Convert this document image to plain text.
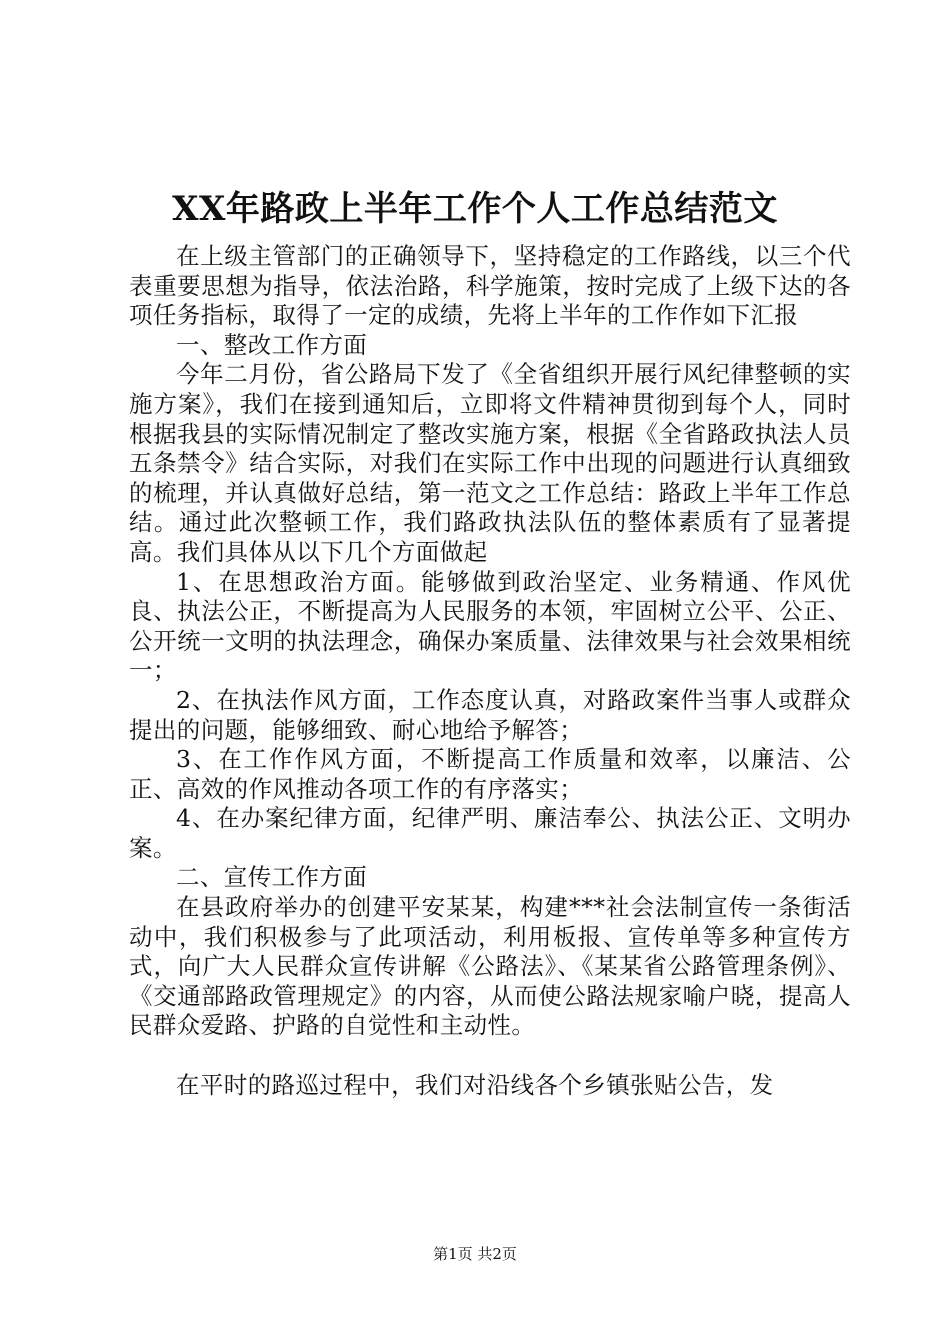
XX年路政上半年工作个人工作总结范文

在上级主管部门的正确领导下，坚持稳定的工作路线，以三个代表重要思想为指导，依法治路，科学施策，按时完成了上级下达的各项任务指标，取得了一定的成绩，先将上半年的工作作如下汇报

一、整改工作方面

今年二月份，省公路局下发了《全省组织开展行风纪律整顿的实施方案》，我们在接到通知后，立即将文件精神贯彻到每个人，同时根据我县的实际情况制定了整改实施方案，根据《全省路政执法人员五条禁令》结合实际，对我们在实际工作中出现的问题进行认真细致的梳理，并认真做好总结，第一范文之工作总结：路政上半年工作总结。通过此次整顿工作，我们路政执法队伍的整体素质有了显著提高。我们具体从以下几个方面做起

1、在思想政治方面。能够做到政治坚定、业务精通、作风优良、执法公正，不断提高为人民服务的本领，牢固树立公平、公正、公开统一文明的执法理念，确保办案质量、法律效果与社会效果相统一；

2、在执法作风方面，工作态度认真，对路政案件当事人或群众提出的问题，能够细致、耐心地给予解答；

3、在工作作风方面，不断提高工作质量和效率，以廉洁、公正、高效的作风推动各项工作的有序落实；

4、在办案纪律方面，纪律严明、廉洁奉公、执法公正、文明办案。

二、宣传工作方面

在县政府举办的创建平安某某，构建***社会法制宣传一条街活动中，我们积极参与了此项活动，利用板报、宣传单等多种宣传方式，向广大人民群众宣传讲解《公路法》、《某某省公路管理条例》、《交通部路政管理规定》的内容，从而使公路法规家喻户晓，提高人民群众爱路、护路的自觉性和主动性。

在平时的路巡过程中，我们对沿线各个乡镇张贴公告，发

第1页 共2页
